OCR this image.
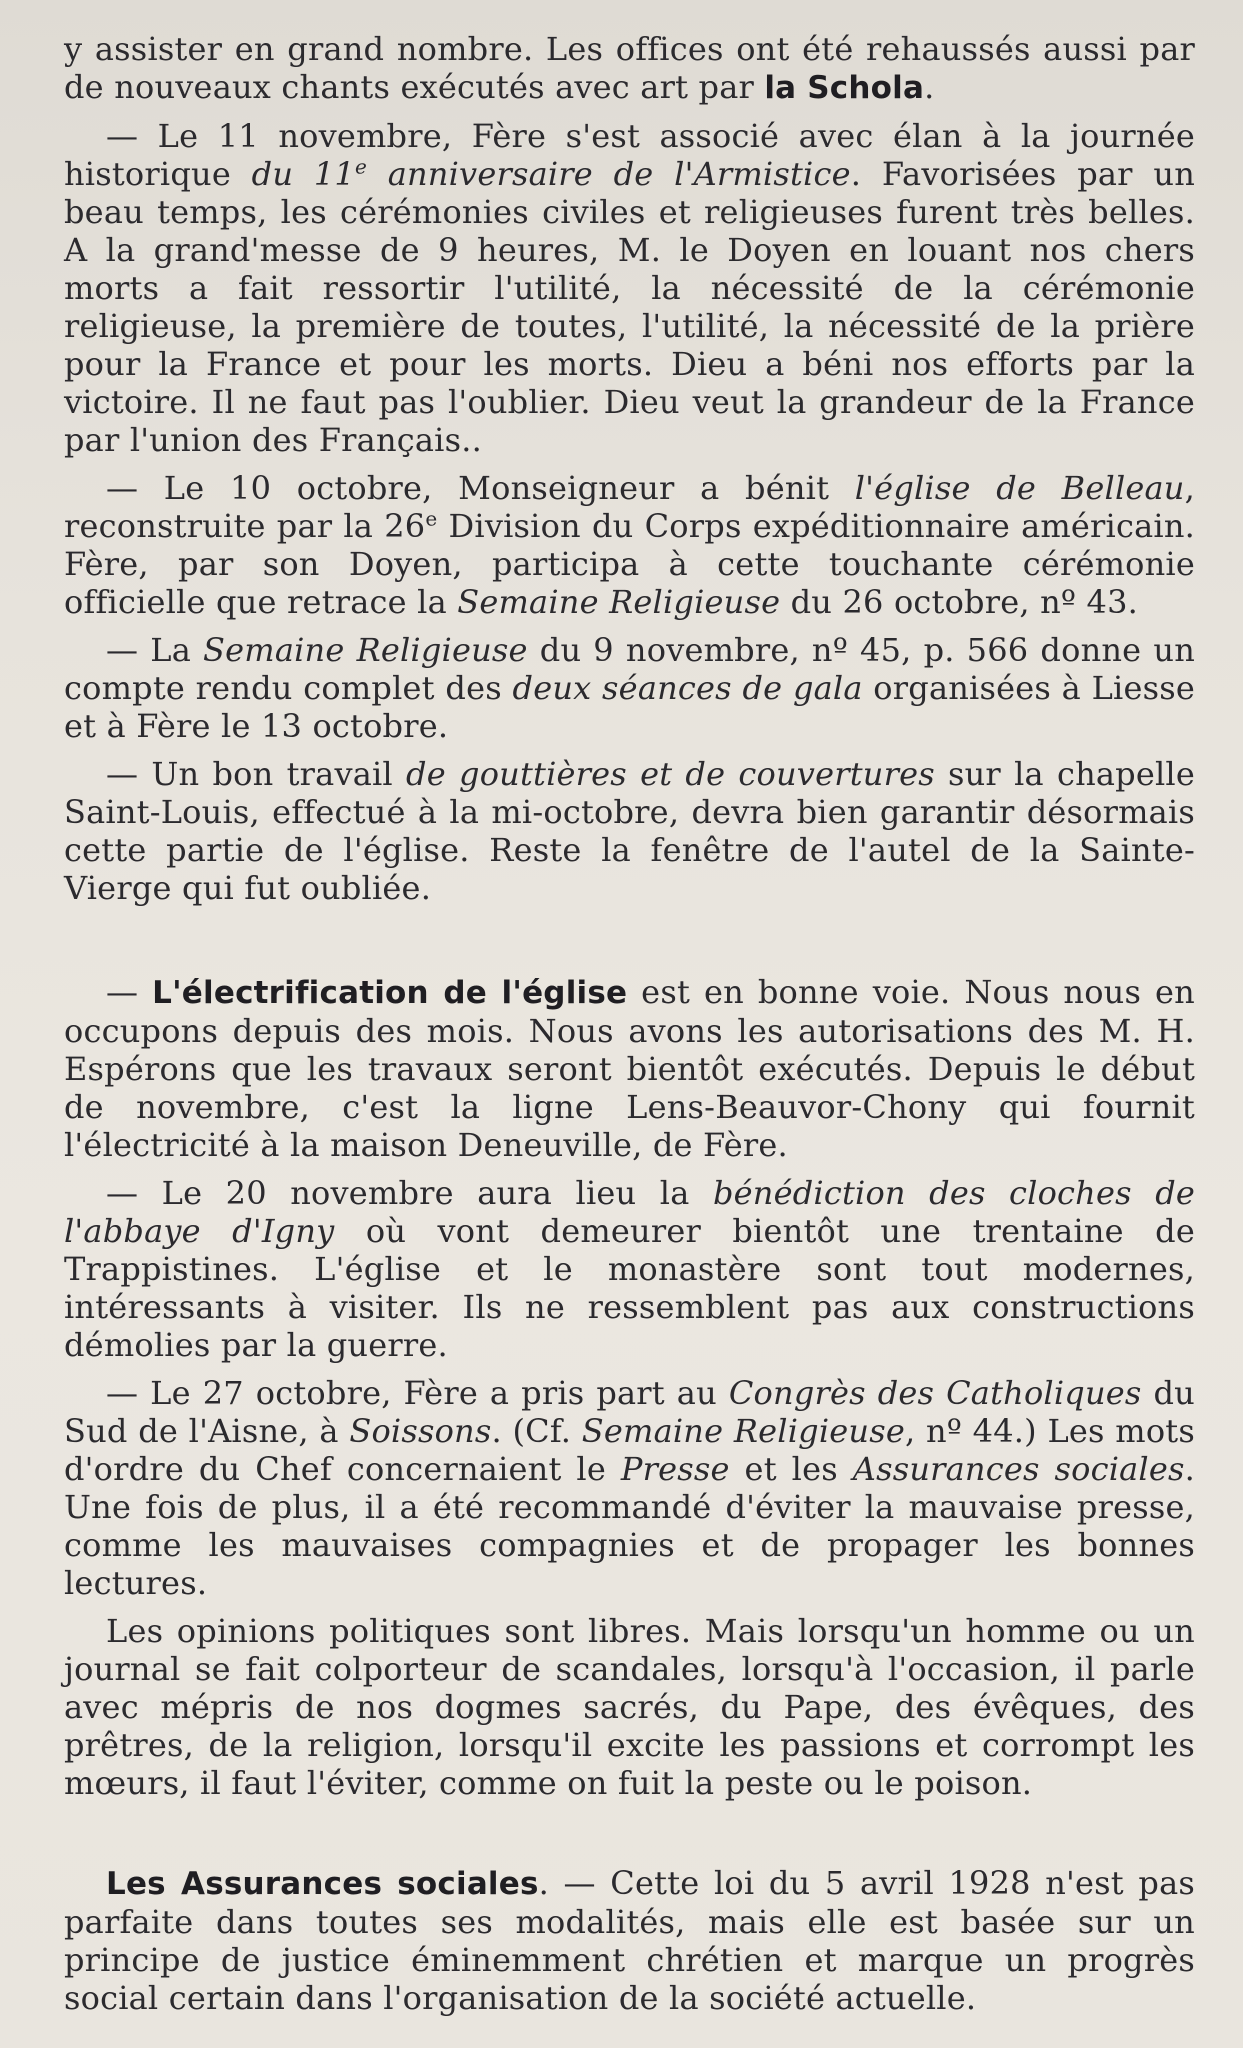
y assister en grand nombre. Les offices ont été rehaussés aussi par de nouveaux chants exécutés avec art par la Schola.

— Le 11 novembre, Fère s'est associé avec élan à la journée historique du 11e anniversaire de l'Armistice. Favorisées par un beau temps, les cérémonies civiles et religieuses furent très belles. A la grand'messe de 9 heures, M. le Doyen en louant nos chers morts a fait ressortir l'utilité, la nécessité de la cérémonie religieuse, la première de toutes, l'utilité, la nécessité de la prière pour la France et pour les morts. Dieu a béni nos efforts par la victoire. Il ne faut pas l'oublier. Dieu veut la grandeur de la France par l'union des Français..

— Le 10 octobre, Monseigneur a bénit l'église de Belleau, reconstruite par la 26e Division du Corps expéditionnaire américain. Fère, par son Doyen, participa à cette touchante cérémonie officielle que retrace la Semaine Religieuse du 26 octobre, nº 43.

— La Semaine Religieuse du 9 novembre, nº 45, p. 566 donne un compte rendu complet des deux séances de gala organisées à Liesse et à Fère le 13 octobre.

— Un bon travail de gouttières et de couvertures sur la chapelle Saint-Louis, effectué à la mi-octobre, devra bien garantir désormais cette partie de l'église. Reste la fenêtre de l'autel de la Sainte-Vierge qui fut oubliée.

— L'électrification de l'église est en bonne voie. Nous nous en occupons depuis des mois. Nous avons les autorisations des M. H. Espérons que les travaux seront bientôt exécutés. Depuis le début de novembre, c'est la ligne Lens-Beauvor-Chony qui fournit l'électricité à la maison Deneuville, de Fère.

— Le 20 novembre aura lieu la bénédiction des cloches de l'abbaye d'Igny où vont demeurer bientôt une trentaine de Trappistines. L'église et le monastère sont tout modernes, intéressants à visiter. Ils ne ressemblent pas aux constructions démolies par la guerre.

— Le 27 octobre, Fère a pris part au Congrès des Catholiques du Sud de l'Aisne, à Soissons. (Cf. Semaine Religieuse, nº 44.) Les mots d'ordre du Chef concernaient le Presse et les Assurances sociales. Une fois de plus, il a été recommandé d'éviter la mauvaise presse, comme les mauvaises compagnies et de propager les bonnes lectures.

Les opinions politiques sont libres. Mais lorsqu'un homme ou un journal se fait colporteur de scandales, lorsqu'à l'occasion, il parle avec mépris de nos dogmes sacrés, du Pape, des évêques, des prêtres, de la religion, lorsqu'il excite les passions et corrompt les mœurs, il faut l'éviter, comme on fuit la peste ou le poison.

Les Assurances sociales. — Cette loi du 5 avril 1928 n'est pas parfaite dans toutes ses modalités, mais elle est basée sur un principe de justice éminemment chrétien et marque un progrès social certain dans l'organisation de la société actuelle.
